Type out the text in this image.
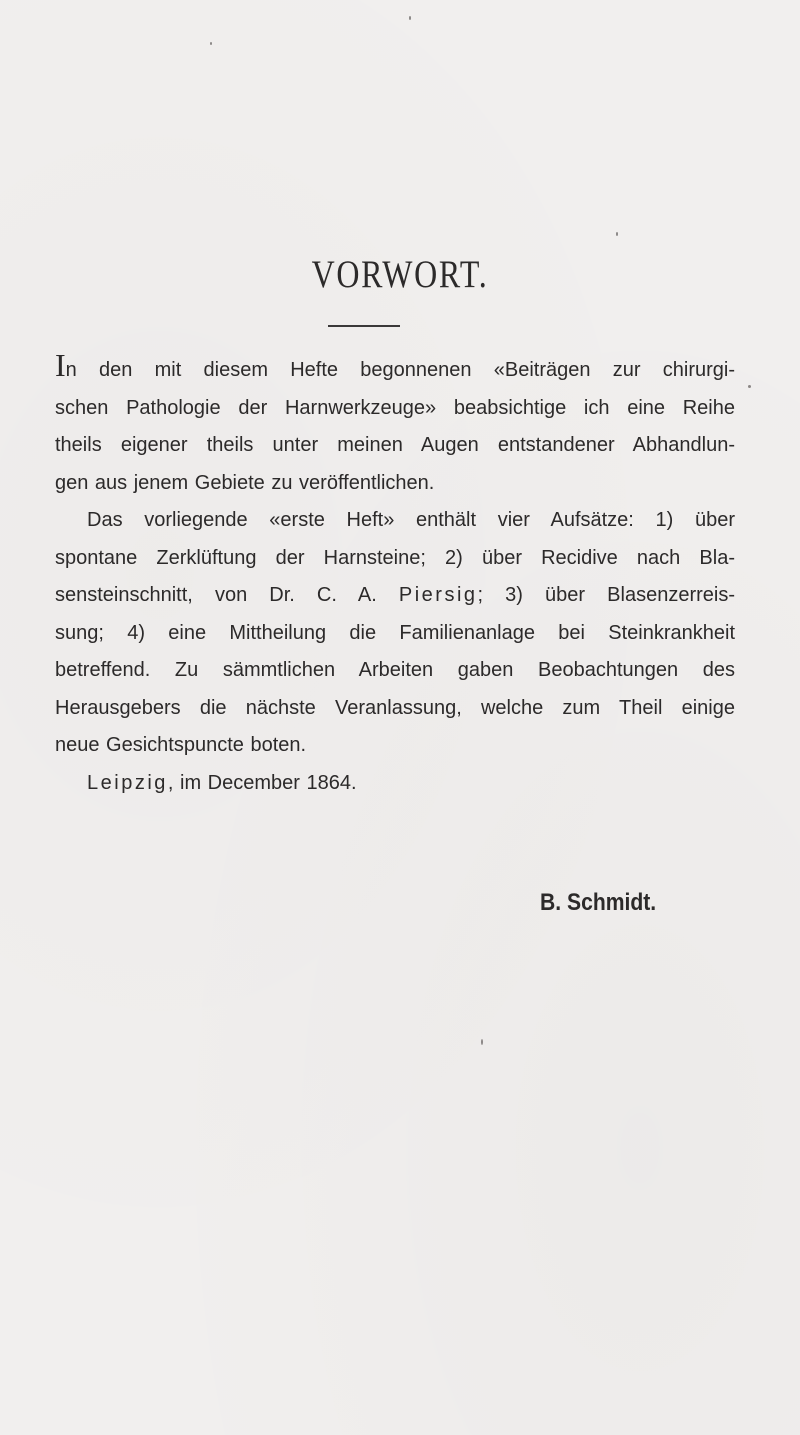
VORWORT.

In den mit diesem Hefte begonnenen «Beiträgen zur chirurgi-
schen Pathologie der Harnwerkzeuge» beabsichtige ich eine Reihe
theils eigener theils unter meinen Augen entstandener Abhandlun-
gen aus jenem Gebiete zu veröffentlichen.

Das vorliegende «erste Heft» enthält vier Aufsätze: 1) über
spontane Zerklüftung der Harnsteine; 2) über Recidive nach Bla-
sensteinschnitt, von Dr. C. A. Piersig; 3) über Blasenzerreis-
sung; 4) eine Mittheilung die Familienanlage bei Steinkrankheit
betreffend. Zu sämmtlichen Arbeiten gaben Beobachtungen des
Herausgebers die nächste Veranlassung, welche zum Theil einige
neue Gesichtspuncte boten.

Leipzig, im December 1864.

B. Schmidt.
